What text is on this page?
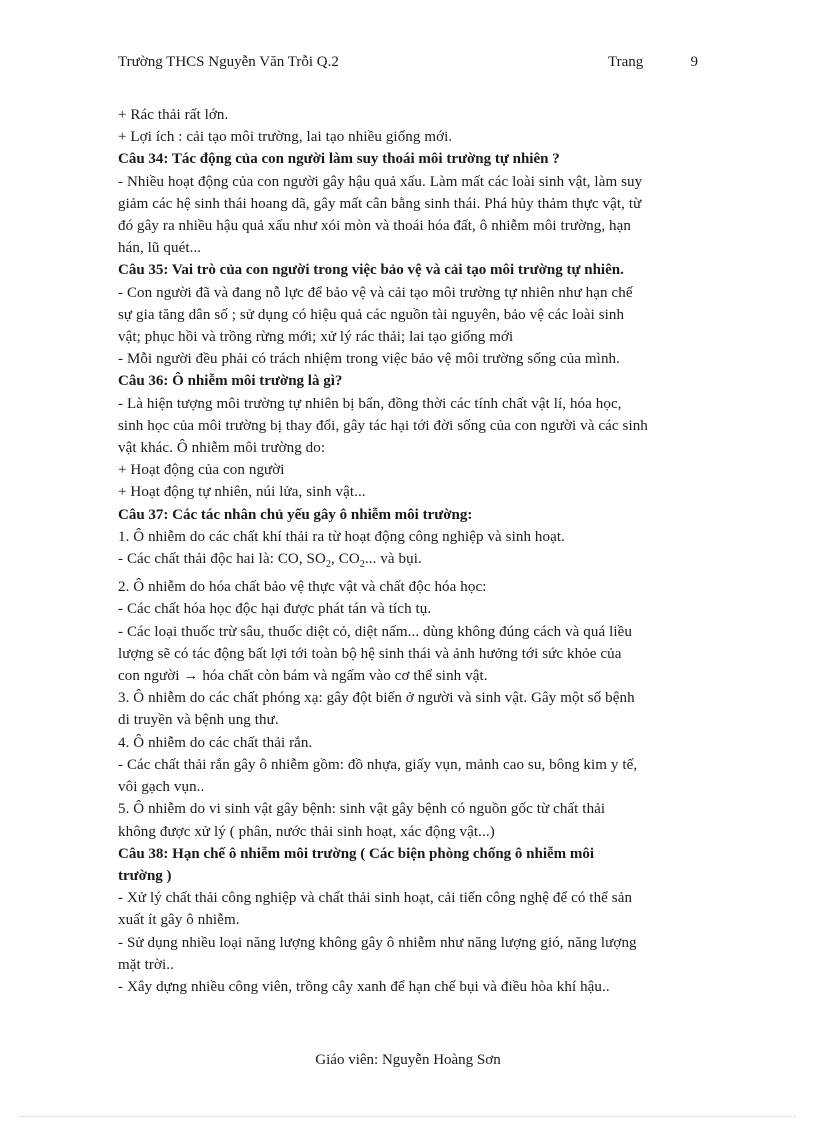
Trường THCS Nguyễn Văn Trỗi Q.2	Trang	9
+ Rác thải rất lớn.
+ Lợi ích : cải tạo môi trường, lai tạo nhiều giống mới.
Câu 34: Tác động của con người làm suy thoái môi trường tự nhiên ?
- Nhiều hoạt động của con người gây hậu quả xấu. Làm mất các loài sinh vật, làm suy
giảm các hệ sinh thái hoang dã, gây mất cân bằng sinh thái. Phá hủy thảm thực vật, từ
đó gây ra nhiều hậu quả xấu như xói mòn và thoái hóa đất, ô nhiễm môi trường, hạn
hán, lũ quét...
Câu 35: Vai trò của con người trong việc bảo vệ và cải tạo môi trường tự nhiên.
- Con người đã và đang nỗ lực để bảo vệ và cải tạo môi trường tự nhiên như hạn chế
sự gia tăng dân số ; sử dụng có hiệu quả các nguồn tài nguyên, bảo vệ các loài sinh
vật; phục hồi và trồng rừng mới; xử lý rác thải; lai tạo giống mới
- Mỗi người đều phải có trách nhiệm trong việc bảo vệ môi trường sống của mình.
Câu 36: Ô nhiễm môi trường là gì?
- Là hiện tượng môi trường tự nhiên bị bẩn, đồng thời các tính chất vật lí, hóa học,
sinh học của môi trường bị thay đổi, gây tác hại tới đời sống của con người và các sinh
vật khác. Ô nhiễm môi trường do:
+ Hoạt động của con người
+ Hoạt động tự nhiên, núi lửa, sinh vật...
Câu 37: Các tác nhân chủ yếu gây ô nhiễm môi trường:
1. Ô nhiễm do các chất khí thải ra từ hoạt động công nghiệp và sinh hoạt.
- Các chất thải độc hai là: CO, $SO_2$, $CO_2$... và bụi.
2. Ô nhiễm do hóa chất bảo vệ thực vật và chất độc hóa học:
- Các chất hóa học độc hại được phát tán và tích tụ.
- Các loại thuốc trừ sâu, thuốc diệt cỏ, diệt nấm... dùng không đúng cách và quá liều
lượng sẽ có tác động bất lợi tới toàn bộ hệ sinh thái và ảnh hưởng tới sức khỏe của
con người → hóa chất còn bám và ngấm vào cơ thể sinh vật.
3. Ô nhiễm do các chất phóng xạ: gây đột biến ở người và sinh vật. Gây một số bệnh
di truyền và bệnh ung thư.
4. Ô nhiễm do các chất thải rắn.
- Các chất thải rắn gây ô nhiễm gồm: đồ nhựa, giấy vụn, mảnh cao su, bông kim y tế,
vôi gạch vụn..
5. Ô nhiễm do vi sinh vật gây bệnh: sinh vật gây bệnh có nguồn gốc từ chất thải
không được xử lý ( phân, nước thải sinh hoạt, xác động vật...)
Câu 38: Hạn chế ô nhiễm môi trường ( Các biện phòng chống ô nhiễm môi
trường )
- Xử lý chất thải công nghiệp và chất thải sinh hoạt, cải tiến công nghệ để có thể sản
xuất ít gây ô nhiễm.
- Sử dụng nhiều loại năng lượng không gây ô nhiễm như năng lượng gió, năng lượng
mặt trời..
- Xây dựng nhiều công viên, trồng cây xanh để hạn chế bụi và điều hòa khí hậu..
Giáo viên: Nguyễn Hoàng Sơn
